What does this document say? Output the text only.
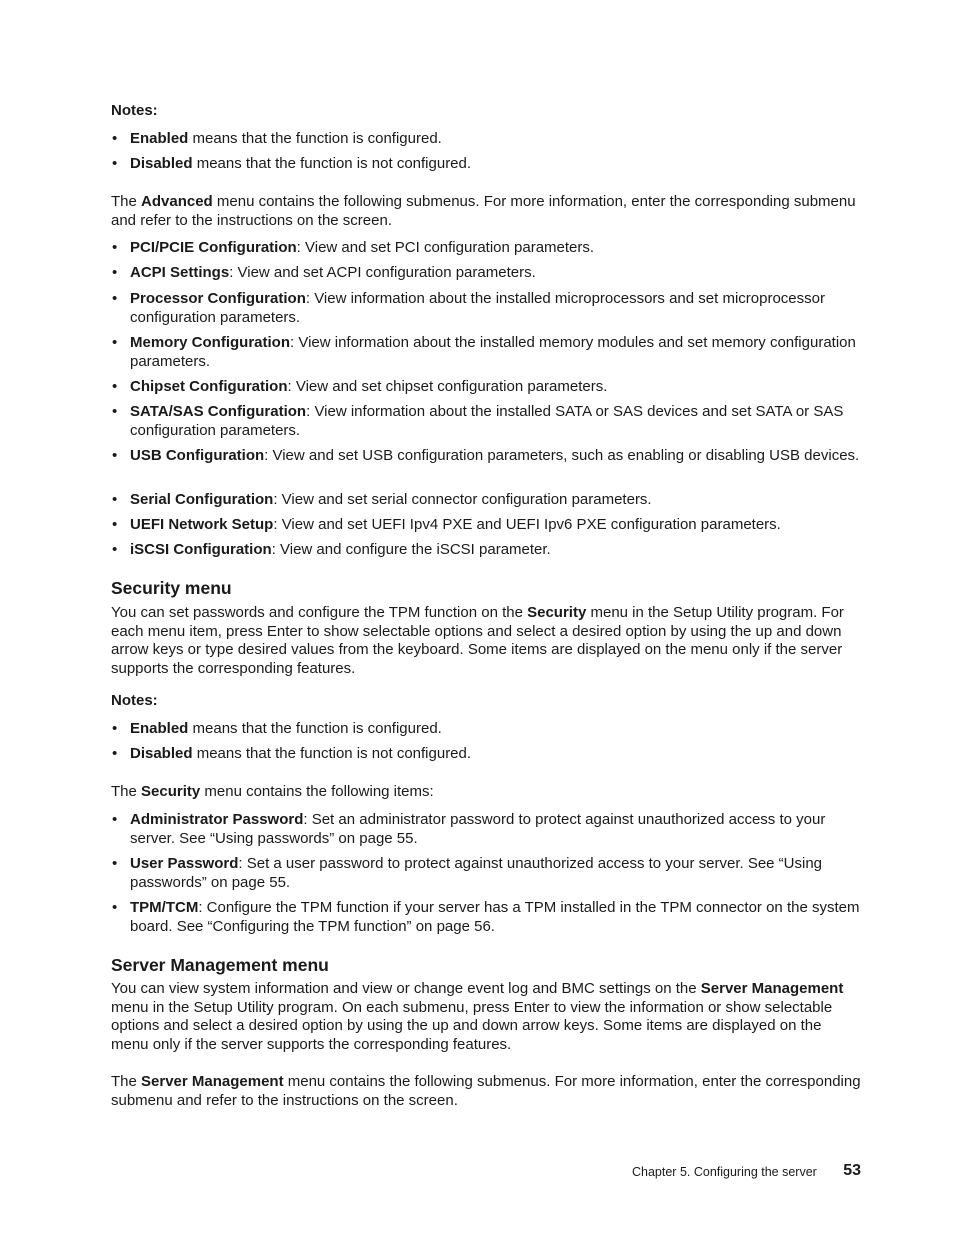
Notes:
• Enabled means that the function is configured.
• Disabled means that the function is not configured.

The Advanced menu contains the following submenus. For more information, enter the corresponding submenu and refer to the instructions on the screen.

• PCI/PCIE Configuration: View and set PCI configuration parameters.
• ACPI Settings: View and set ACPI configuration parameters.
• Processor Configuration: View information about the installed microprocessors and set microprocessor configuration parameters.
• Memory Configuration: View information about the installed memory modules and set memory configuration parameters.
• Chipset Configuration: View and set chipset configuration parameters.
• SATA/SAS Configuration: View information about the installed SATA or SAS devices and set SATA or SAS configuration parameters.
• USB Configuration: View and set USB configuration parameters, such as enabling or disabling USB devices.
• Serial Configuration: View and set serial connector configuration parameters.
• UEFI Network Setup: View and set UEFI Ipv4 PXE and UEFI Ipv6 PXE configuration parameters.
• iSCSI Configuration: View and configure the iSCSI parameter.
Security menu

You can set passwords and configure the TPM function on the Security menu in the Setup Utility program. For each menu item, press Enter to show selectable options and select a desired option by using the up and down arrow keys or type desired values from the keyboard. Some items are displayed on the menu only if the server supports the corresponding features.

Notes:
• Enabled means that the function is configured.
• Disabled means that the function is not configured.

The Security menu contains the following items:

• Administrator Password: Set an administrator password to protect against unauthorized access to your server. See “Using passwords” on page 55.
• User Password: Set a user password to protect against unauthorized access to your server. See “Using passwords” on page 55.
• TPM/TCM: Configure the TPM function if your server has a TPM installed in the TPM connector on the system board. See “Configuring the TPM function” on page 56.
Server Management menu

You can view system information and view or change event log and BMC settings on the Server Management menu in the Setup Utility program. On each submenu, press Enter to view the information or show selectable options and select a desired option by using the up and down arrow keys. Some items are displayed on the menu only if the server supports the corresponding features.

The Server Management menu contains the following submenus. For more information, enter the corresponding submenu and refer to the instructions on the screen.

Chapter 5. Configuring the server 53
